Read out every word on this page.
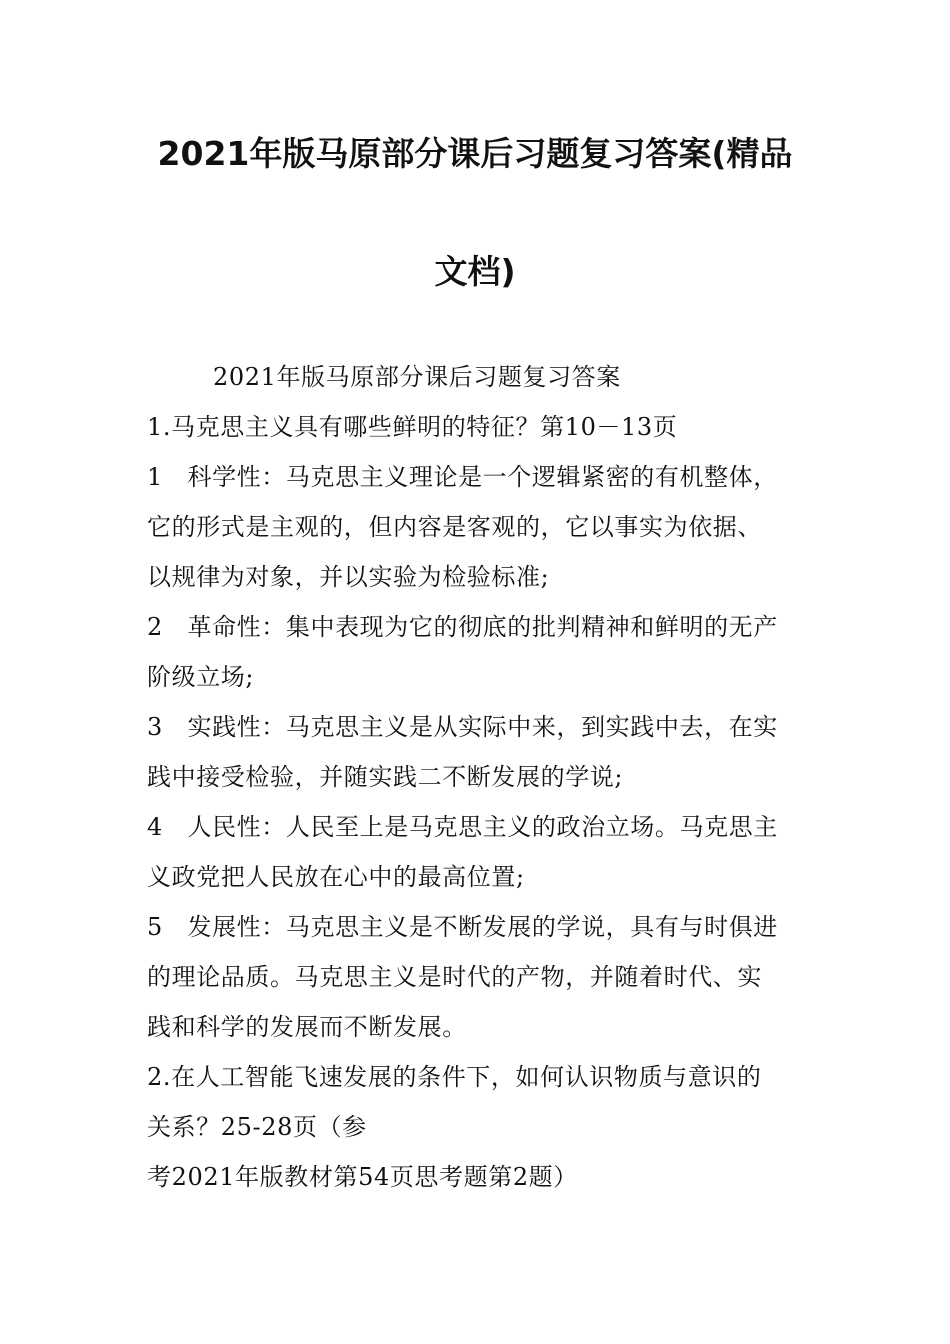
2021年版马原部分课后习题复习答案(精品
文档)
2021年版马原部分课后习题复习答案
1.马克思主义具有哪些鲜明的特征？第10－13页
1　科学性：马克思主义理论是一个逻辑紧密的有机整体，
它的形式是主观的，但内容是客观的，它以事实为依据、
以规律为对象，并以实验为检验标准;
2　革命性：集中表现为它的彻底的批判精神和鲜明的无产
阶级立场;
3　实践性：马克思主义是从实际中来，到实践中去，在实
践中接受检验，并随实践二不断发展的学说;
4　人民性：人民至上是马克思主义的政治立场。马克思主
义政党把人民放在心中的最高位置;
5　发展性：马克思主义是不断发展的学说，具有与时俱进
的理论品质。马克思主义是时代的产物，并随着时代、实
践和科学的发展而不断发展。
2.在人工智能飞速发展的条件下，如何认识物质与意识的
关系？25-28页（参
考2021年版教材第54页思考题第2题）
